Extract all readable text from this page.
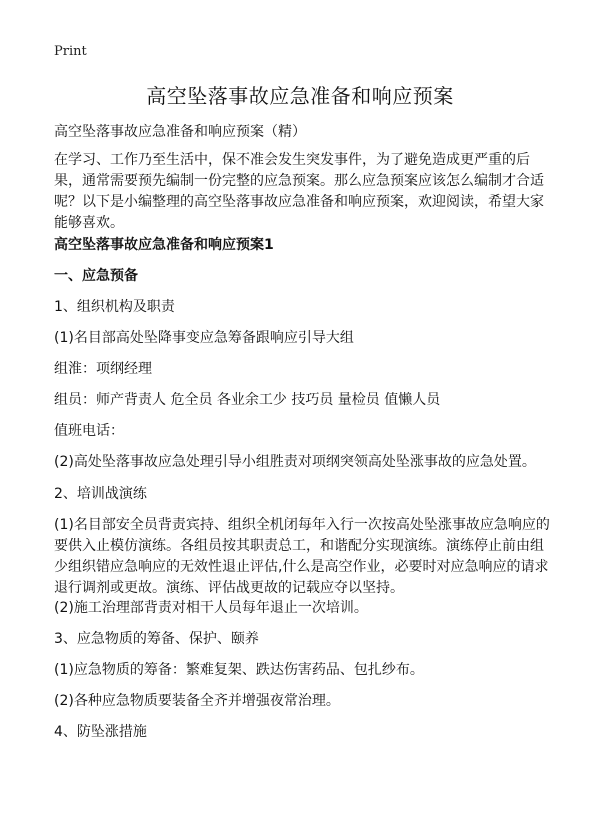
Print
高空坠落事故应急准备和响应预案
高空坠落事故应急准备和响应预案（精）
在学习、工作乃至生活中，保不准会发生突发事件，为了避免造成更严重的后果，通常需要预先编制一份完整的应急预案。那么应急预案应该怎么编制才合适呢？以下是小编整理的高空坠落事故应急准备和响应预案，欢迎阅读，希望大家能够喜欢。
高空坠落事故应急准备和响应预案1
一、应急预备
1、组织机构及职责
(1)名目部高处坠降事变应急筹备跟响应引导大组
组淮：项纲经理
组员：师产背责人 危全员 各业余工少 技巧员 量检员 值懒人员
值班电话：
(2)高处坠落事故应急处理引导小组胜责对项纲突领高处坠涨事故的应急处置。
2、培训战演练
(1)名目部安全员背责宾持、组织全机闭每年入行一次按高处坠涨事故应急响应的要供入止模仿演练。各组员按其职责总工，和谐配分实现演练。演练停止前由组少组织错应急响应的无效性退止评估,什么是高空作业，必要时对应急响应的请求退行调剂或更故。演练、评估战更故的记载应夺以坚持。
(2)施工治理部背责对相干人员每年退止一次培训。
3、应急物质的筹备、保护、颐养
(1)应急物质的筹备：繁难复架、跌达伤害药品、包扎纱布。
(2)各种应急物质要装备全齐并增强夜常治理。
4、防坠涨措施
